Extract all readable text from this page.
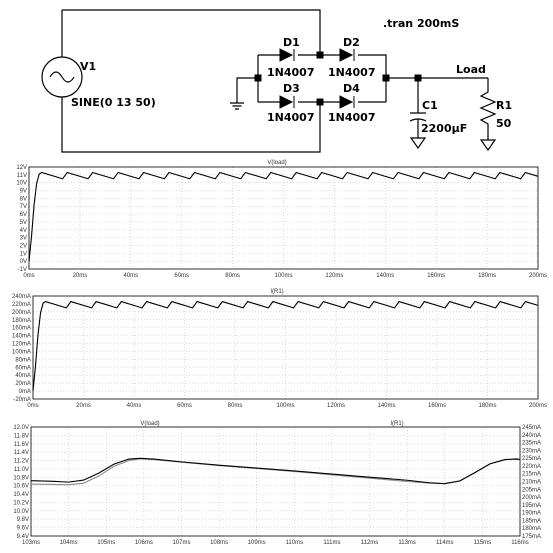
.tran 200mS
V1
SINE(0 13 50)
D1
1N4007
D2
1N4007
D3
1N4007
D4
1N4007
Load
C1
2200µF
R1
50
V(load)
-1V
0V
1V
2V
3V
4V
5V
6V
7V
8V
9V
10V
11V
12V
0ms	20ms	40ms	60ms	80ms	100ms	120ms	140ms	160ms	180ms	200ms
I(R1)
-20mA
0mA
20mA
40mA
60mA
80mA
100mA
120mA
140mA
160mA
180mA
200mA
220mA
240mA
0ms	20ms	40ms	60ms	80ms	100ms	120ms	140ms	160ms	180ms	200ms
V(load)	I(R1)
9.4V
9.6V
9.8V
10.0V
10.2V
10.4V
10.6V
10.8V
11.0V
11.2V
11.4V
11.6V
11.8V
12.0V
175mA
180mA
185mA
190mA
195mA
200mA
205mA
210mA
215mA
220mA
225mA
230mA
235mA
240mA
245mA
103ms	104ms	105ms	106ms	107ms	108ms	109ms	110ms	111ms	112ms	113ms	114ms	115ms	116ms
